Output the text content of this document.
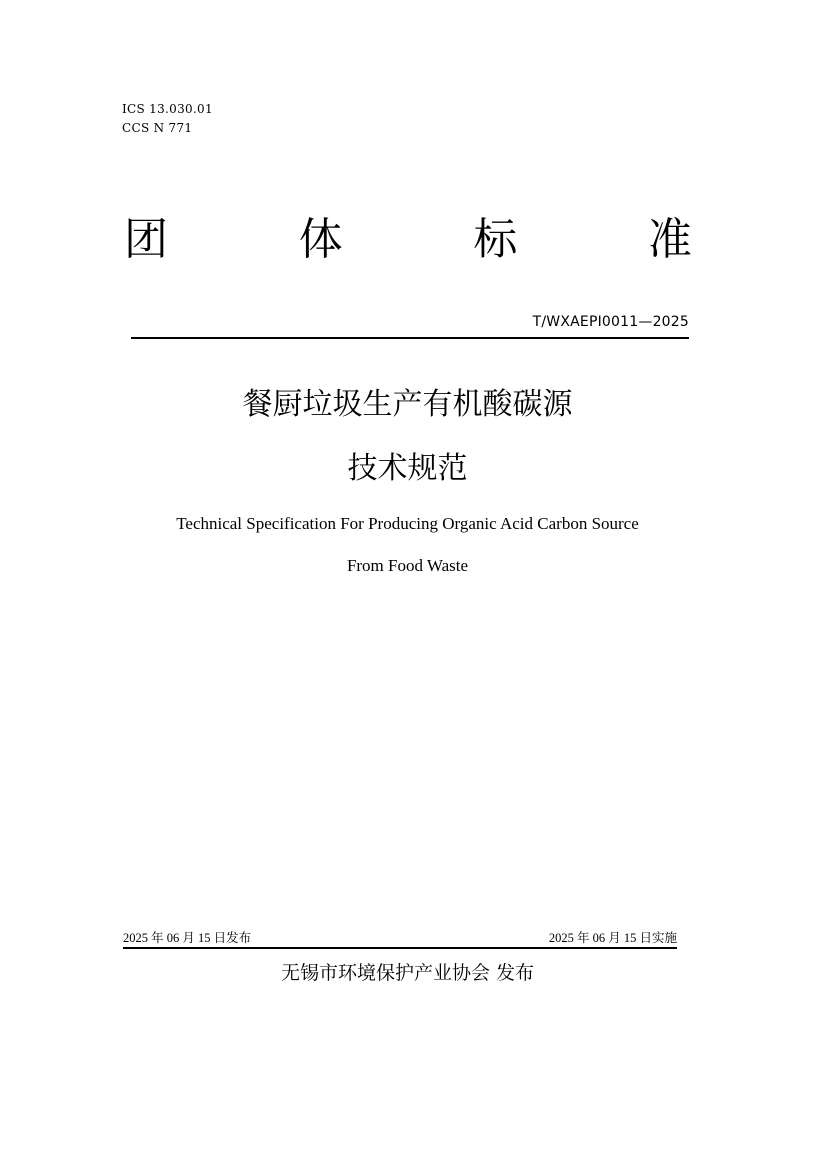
ICS 13.030.01
CCS N 771
团	体	标	准
T/WXAEPI0011—2025
餐厨垃圾生产有机酸碳源
技术规范
Technical Specification For Producing Organic Acid Carbon Source
From Food Waste
2025 年 06 月 15 日发布	2025 年 06 月 15 日实施
无锡市环境保护产业协会 发布
